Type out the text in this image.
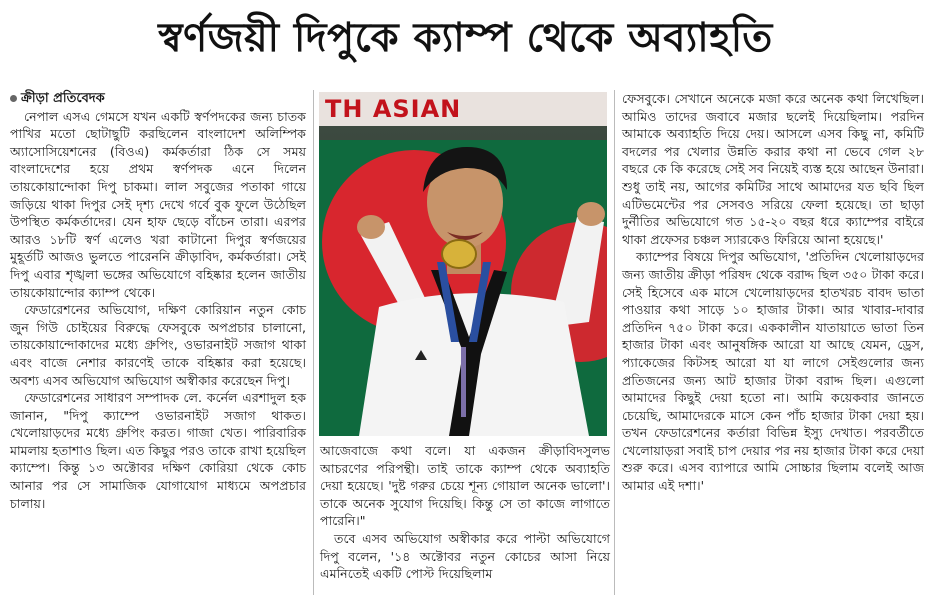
স্বর্ণজয়ী দিপুকে ক্যাম্প থেকে অব্যাহতি

ক্রীড়া প্রতিবেদক

নেপাল এসএ গেমসে যখন একটি স্বর্ণপদকের জন্য চাতক পাখির মতো ছোটাছুটি করছিলেন বাংলাদেশ অলিম্পিক অ্যাসোসিয়েশনের (বিওএ) কর্মকর্তারা ঠিক সে সময় বাংলাদেশের হয়ে প্রথম স্বর্ণপদক এনে দিলেন তায়কোয়ান্দোকা দিপু চাকমা। লাল সবুজের পতাকা গায়ে জড়িয়ে থাকা দিপুর সেই দৃশ্য দেখে গর্বে বুক ফুলে উঠেছিল উপস্থিত কর্মকর্তাদের। যেন হাফ ছেড়ে বাঁচেন তারা। এরপর আরও ১৮টি স্বর্ণ এলেও খরা কাটানো দিপুর স্বর্ণজয়ের মুহূর্তটি আজও ভুলতে পারেননি ক্রীড়াবিদ, কর্মকর্তারা। সেই দিপু এবার শৃঙ্খলা ভঙ্গের অভিযোগে বহিষ্কার হলেন জাতীয় তায়কোয়ান্দোর ক্যাম্প থেকে।

ফেডারেশনের অভিযোগ, দক্ষিণ কোরিয়ান নতুন কোচ জুন গিউ চোইয়ের বিরুদ্ধে ফেসবুকে অপপ্রচার চালানো, তায়কোয়ান্দোকাদের মধ্যে গ্রুপিং, ওভারনাইট সজাগ থাকা এবং বাজে নেশার কারণেই তাকে বহিষ্কার করা হয়েছে। অবশ্য এসব অভিযোগ অভিযোগ অস্বীকার করেছেন দিপু।

ফেডারেশনের সাধারণ সম্পাদক লে. কর্নেল এরশাদুল হক জানান, "দিপু ক্যাম্পে ওভারনাইট সজাগ থাকত। খেলোয়াড়দের মধ্যে গ্রুপিং করত। গাজা খেত। পারিবারিক মামলায় হতাশাও ছিল। এত কিছুর পরও তাকে রাখা হয়েছিল ক্যাম্পে। কিন্তু ১৩ অক্টোবর দক্ষিণ কোরিয়া থেকে কোচ আনার পর সে সামাজিক যোগাযোগ মাধ্যমে অপপ্রচার চালায়।

TH ASIAN

আজেবাজে কথা বলে। যা একজন ক্রীড়াবিদসুলভ আচরণের পরিপন্থী। তাই তাকে ক্যাম্প থেকে অব্যাহতি দেয়া হয়েছে। 'দুষ্ট গরুর চেয়ে শূন্য গোয়াল অনেক ভালো'। তাকে অনেক সুযোগ দিয়েছি। কিন্তু সে তা কাজে লাগাতে পারেনি।"

তবে এসব অভিযোগ অস্বীকার করে পাল্টা অভিযোগে দিপু বলেন, '১৪ অক্টোবর নতুন কোচের আসা নিয়ে এমনিতেই একটি পোস্ট দিয়েছিলাম

ফেসবুকে। সেখানে অনেকে মজা করে অনেক কথা লিখেছিল। আমিও তাদের জবাবে মজার ছলেই দিয়েছিলাম। পরদিন আমাকে অব্যাহতি দিয়ে দেয়। আসলে এসব কিছু না, কমিটি বদলের পর খেলার উন্নতি করার কথা না ভেবে গেল ২৮ বছরে কে কি করেছে সেই সব নিয়েই ব্যস্ত হয়ে আছেন উনারা। শুধু তাই নয়, আগের কমিটির সাথে আমাদের যত ছবি ছিল এটিভমেন্টের পর সেসবও সরিয়ে ফেলা হয়েছে। তা ছাড়া দুর্নীতির অভিযোগে গত ১৫-২০ বছর ধরে ক্যাম্পের বাইরে থাকা প্রফেসর চঞ্চল স্যারকেও ফিরিয়ে আনা হয়েছে।'

ক্যাম্পের বিষয়ে দিপুর অভিযোগ, 'প্রতিদিন খেলোয়াড়দের জন্য জাতীয় ক্রীড়া পরিষদ থেকে বরাদ্দ ছিল ৩৫০ টাকা করে। সেই হিসেবে এক মাসে খেলোয়াড়দের হাতখরচ বাবদ ভাতা পাওয়ার কথা সাড়ে ১০ হাজার টাকা। আর খাবার-দাবার প্রতিদিন ৭৫০ টাকা করে। এককালীন যাতায়াতে ভাতা তিন হাজার টাকা এবং আনুষঙ্গিক আরো যা আছে যেমন, ড্রেস, প্যাকেজের কিটসহ আরো যা যা লাগে সেইগুলোর জন্য প্রতিজনের জন্য আট হাজার টাকা বরাদ্দ ছিল। এগুলো আমাদের কিছুই দেয়া হতো না। আমি কয়েকবার জানতে চেয়েছি, আমাদেরকে মাসে কেন পাঁচ হাজার টাকা দেয়া হয়। তখন ফেডারেশনের কর্তারা বিভিন্ন ইস্যু দেখাত। পরবর্তীতে খেলোয়াড়রা সবাই চাপ দেয়ার পর নয় হাজার টাকা করে দেয়া শুরু করে। এসব ব্যাপারে আমি সোচ্চার ছিলাম বলেই আজ আমার এই দশা।'
